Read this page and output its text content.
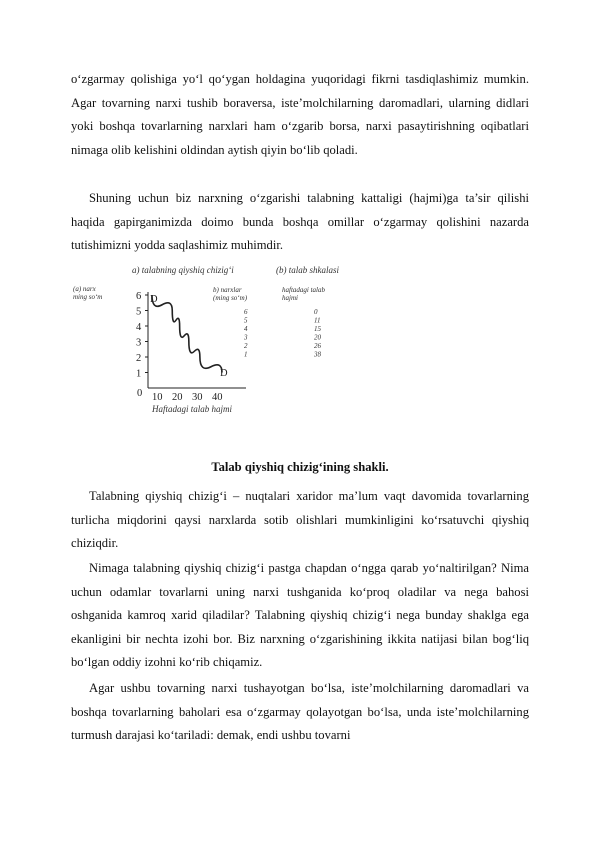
o‘zgarmay qolishiga yo‘l qo‘ygan holdagina yuqoridagi fikrni tasdiqlashimiz mumkin. Agar tovarning narxi tushib boraversa, iste’molchilarning daromadlari, ularning didlari yoki boshqa tovarlarning narxlari ham o‘zgarib borsa, narxi pasaytirishning oqibatlari nimaga olib kelishini oldindan aytish qiyin bo‘lib qoladi.

Shuning uchun biz narxning o‘zgarishi talabning kattaligi (hajmi)ga ta’sir qilishi haqida gapirganimizda doimo bunda boshqa omillar o‘zgarmay qolishini nazarda tutishimizni yodda saqlashimiz muhimdir.

a) talabning qiyshiq chizig‘i	(b) talab shkalasi
(a) narx
ming so‘m
1
2
3
4
5
6
10 20 30 40
0
D
D
Haftadagi talab hajmi
b) narxlar
(ming so‘m)
haftadagi talab
hajmi
6	0
5	11
4	15
3	20
2	26
1	38

Talab qiyshiq chizig‘ining shakli.

Talabning qiyshiq chizig‘i – nuqtalari xaridor ma’lum vaqt davomida tovarlarning turlicha miqdorini qaysi narxlarda sotib olishlari mumkinligini ko‘rsatuvchi qiyshiq chiziqdir.

Nimaga talabning qiyshiq chizig‘i pastga chapdan o‘ngga qarab yo‘naltirilgan? Nima uchun odamlar tovarlarni uning narxi tushganida ko‘proq oladilar va nega bahosi oshganida kamroq xarid qiladilar? Talabning qiyshiq chizig‘i nega bunday shaklga ega ekanligini bir nechta izohi bor. Biz narxning o‘zgarishining ikkita natijasi bilan bog‘liq bo‘lgan oddiy izohni ko‘rib chiqamiz.

Agar ushbu tovarning narxi tushayotgan bo‘lsa, iste’molchilarning daromadlari va boshqa tovarlarning baholari esa o‘zgarmay qolayotgan bo‘lsa, unda iste’molchilarning turmush darajasi ko‘tariladi: demak, endi ushbu tovarni
